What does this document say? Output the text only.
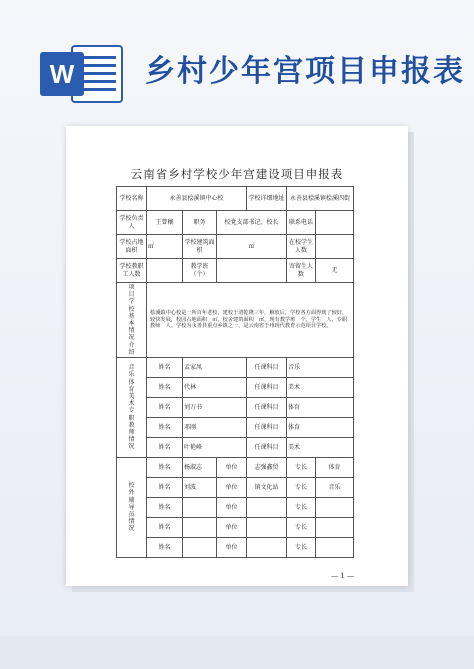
W 乡村少年宫项目申报表
云南省乡村学校少年宫建设项目申报表
学校名称	永善县桧溪镇中心校			学校详细地址	永善县桧溪镇桧溪四街	
学校负责人	王曾穰	职务	校党支部书记、校长		联系电话	
学校占地面积	㎡	学校建筑面积	㎡		在校学生人数	
学校教职工人数		教学班（个）			寄留生人数	无

项目学校基本情况介绍	桧溪镇中心校是一所百年老校，建校于清乾隆三年，解放后，学校各方面得到了较好，较快发展，校园占地面积　㎡，校舍建筑面积　㎡，现有教学班　个，学生　人，专职教师　人。学校为永善县重点乡镇之一，是云南省于州现代教育示范项目学校。					

音乐体育美术专职教师情况	姓名	孟家凤		任课科目	音乐	
	姓名	代林		任课科目	美术	
	姓名	刘万书		任课科目	体育	
	姓名	邓刚		任课科目	体育	
	姓名	叶艳峰		任课科目	美术	

校外辅导员情况	姓名	杨淑志	单位	志强鑫贸	专长	体育
	姓名	刘波	单位	镇文化站	专长	音乐
	姓名		单位		专长	
	姓名		单位		专长	
	姓名		单位		专长	
— 1 —
